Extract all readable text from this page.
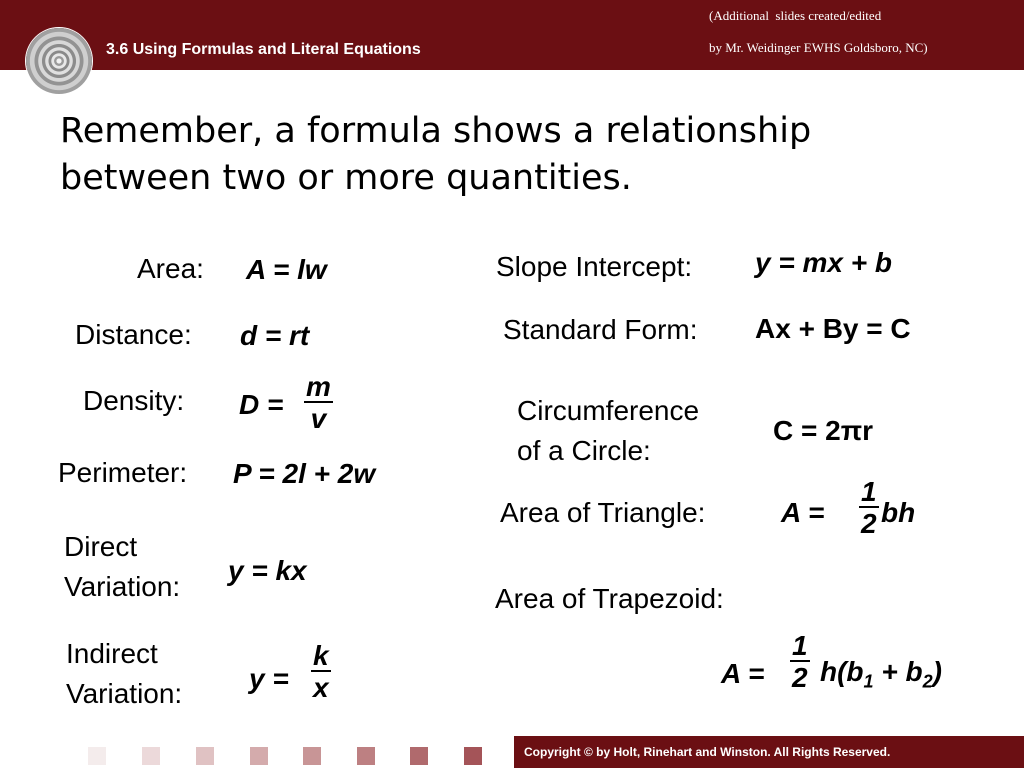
3.6 Using Formulas and Literal Equations
(Additional  slides created/edited
by Mr. Weidinger EWHS Goldsboro, NC)
Remember, a formula shows a relationship
between two or more quantities.
Area: A = lw
Distance: d = rt
Density: $D = \frac{m}{v}$
Perimeter: P = 2l + 2w
Direct
Variation:
y = kx
Indirect
Variation: $y = \frac{k}{x}$
Slope Intercept: y = mx + b
Standard Form: Ax + By = C
Circumference
of a Circle:
C = 2πr
Area of Triangle:	$A = \frac{1}{2}$ bh
Area of Trapezoid:
$A = \frac{1}{2} h(b_1 + b_2)$
Copyright © by Holt, Rinehart and Winston. All Rights Reserved.
